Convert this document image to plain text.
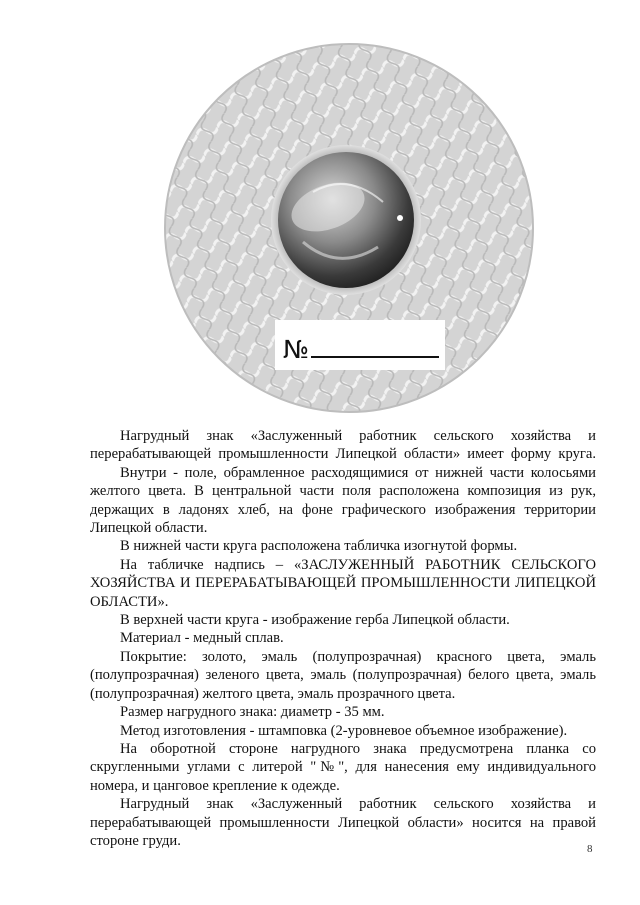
№

Нагрудный знак «Заслуженный работник сельского хозяйства и перерабатывающей промышленности Липецкой области» имеет форму круга.

Внутри - поле, обрамленное расходящимися от нижней части колосьями желтого цвета. В центральной части поля расположена композиция из рук, держащих в ладонях хлеб, на фоне графического изображения территории Липецкой области.

В нижней части круга расположена табличка изогнутой формы.

На табличке надпись – «ЗАСЛУЖЕННЫЙ РАБОТНИК СЕЛЬСКОГО ХОЗЯЙСТВА И ПЕРЕРАБАТЫВАЮЩЕЙ ПРОМЫШЛЕННОСТИ ЛИПЕЦКОЙ ОБЛАСТИ».

В верхней части круга - изображение герба Липецкой области.

Материал - медный сплав.

Покрытие: золото, эмаль (полупрозрачная) красного цвета, эмаль (полупрозрачная) зеленого цвета, эмаль (полупрозрачная) белого цвета, эмаль (полупрозрачная) желтого цвета, эмаль прозрачного цвета.

Размер нагрудного знака: диаметр - 35 мм.

Метод изготовления - штамповка (2-уровневое объемное изображение).

На оборотной стороне нагрудного знака предусмотрена планка со скругленными углами с литерой "№", для нанесения ему индивидуального номера, и цанговое крепление к одежде.

Нагрудный знак «Заслуженный работник сельского хозяйства и перерабатывающей промышленности Липецкой области» носится на правой стороне груди.

8
